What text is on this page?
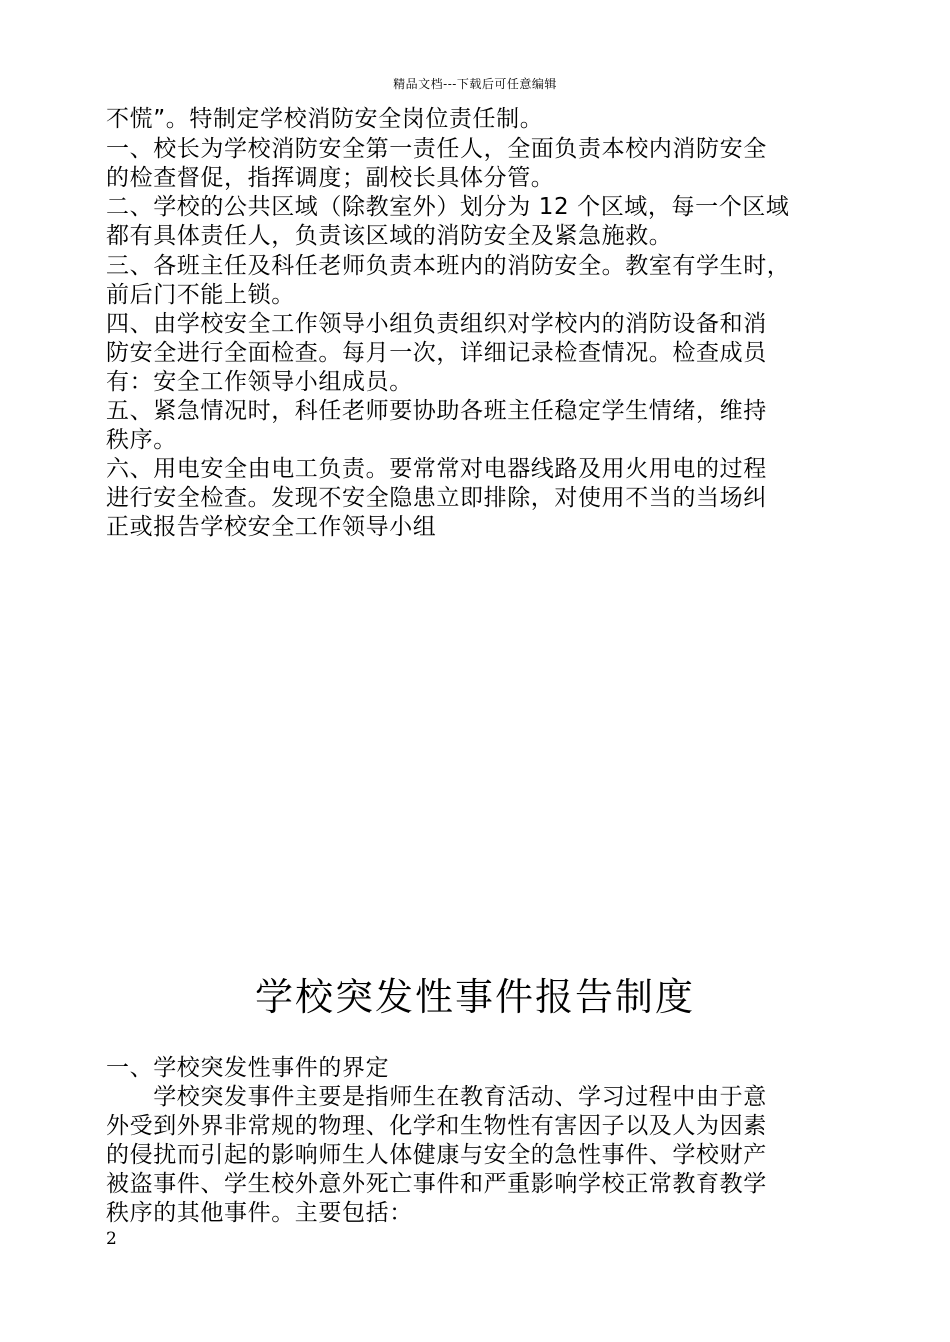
精品文档---下载后可任意编辑
不慌”。特制定学校消防安全岗位责任制。
一、校长为学校消防安全第一责任人，全面负责本校内消防安全
的检查督促，指挥调度；副校长具体分管。
二、学校的公共区域（除教室外）划分为 12 个区域，每一个区域
都有具体责任人，负责该区域的消防安全及紧急施救。
三、各班主任及科任老师负责本班内的消防安全。教室有学生时，
前后门不能上锁。
四、由学校安全工作领导小组负责组织对学校内的消防设备和消
防安全进行全面检查。每月一次，详细记录检查情况。检查成员
有：安全工作领导小组成员。
五、紧急情况时，科任老师要协助各班主任稳定学生情绪，维持
秩序。
六、用电安全由电工负责。要常常对电器线路及用火用电的过程
进行安全检查。发现不安全隐患立即排除，对使用不当的当场纠
正或报告学校安全工作领导小组
学校突发性事件报告制度
一、学校突发性事件的界定
　　学校突发事件主要是指师生在教育活动、学习过程中由于意
外受到外界非常规的物理、化学和生物性有害因子以及人为因素
的侵扰而引起的影响师生人体健康与安全的急性事件、学校财产
被盗事件、学生校外意外死亡事件和严重影响学校正常教育教学
秩序的其他事件。主要包括：
2
